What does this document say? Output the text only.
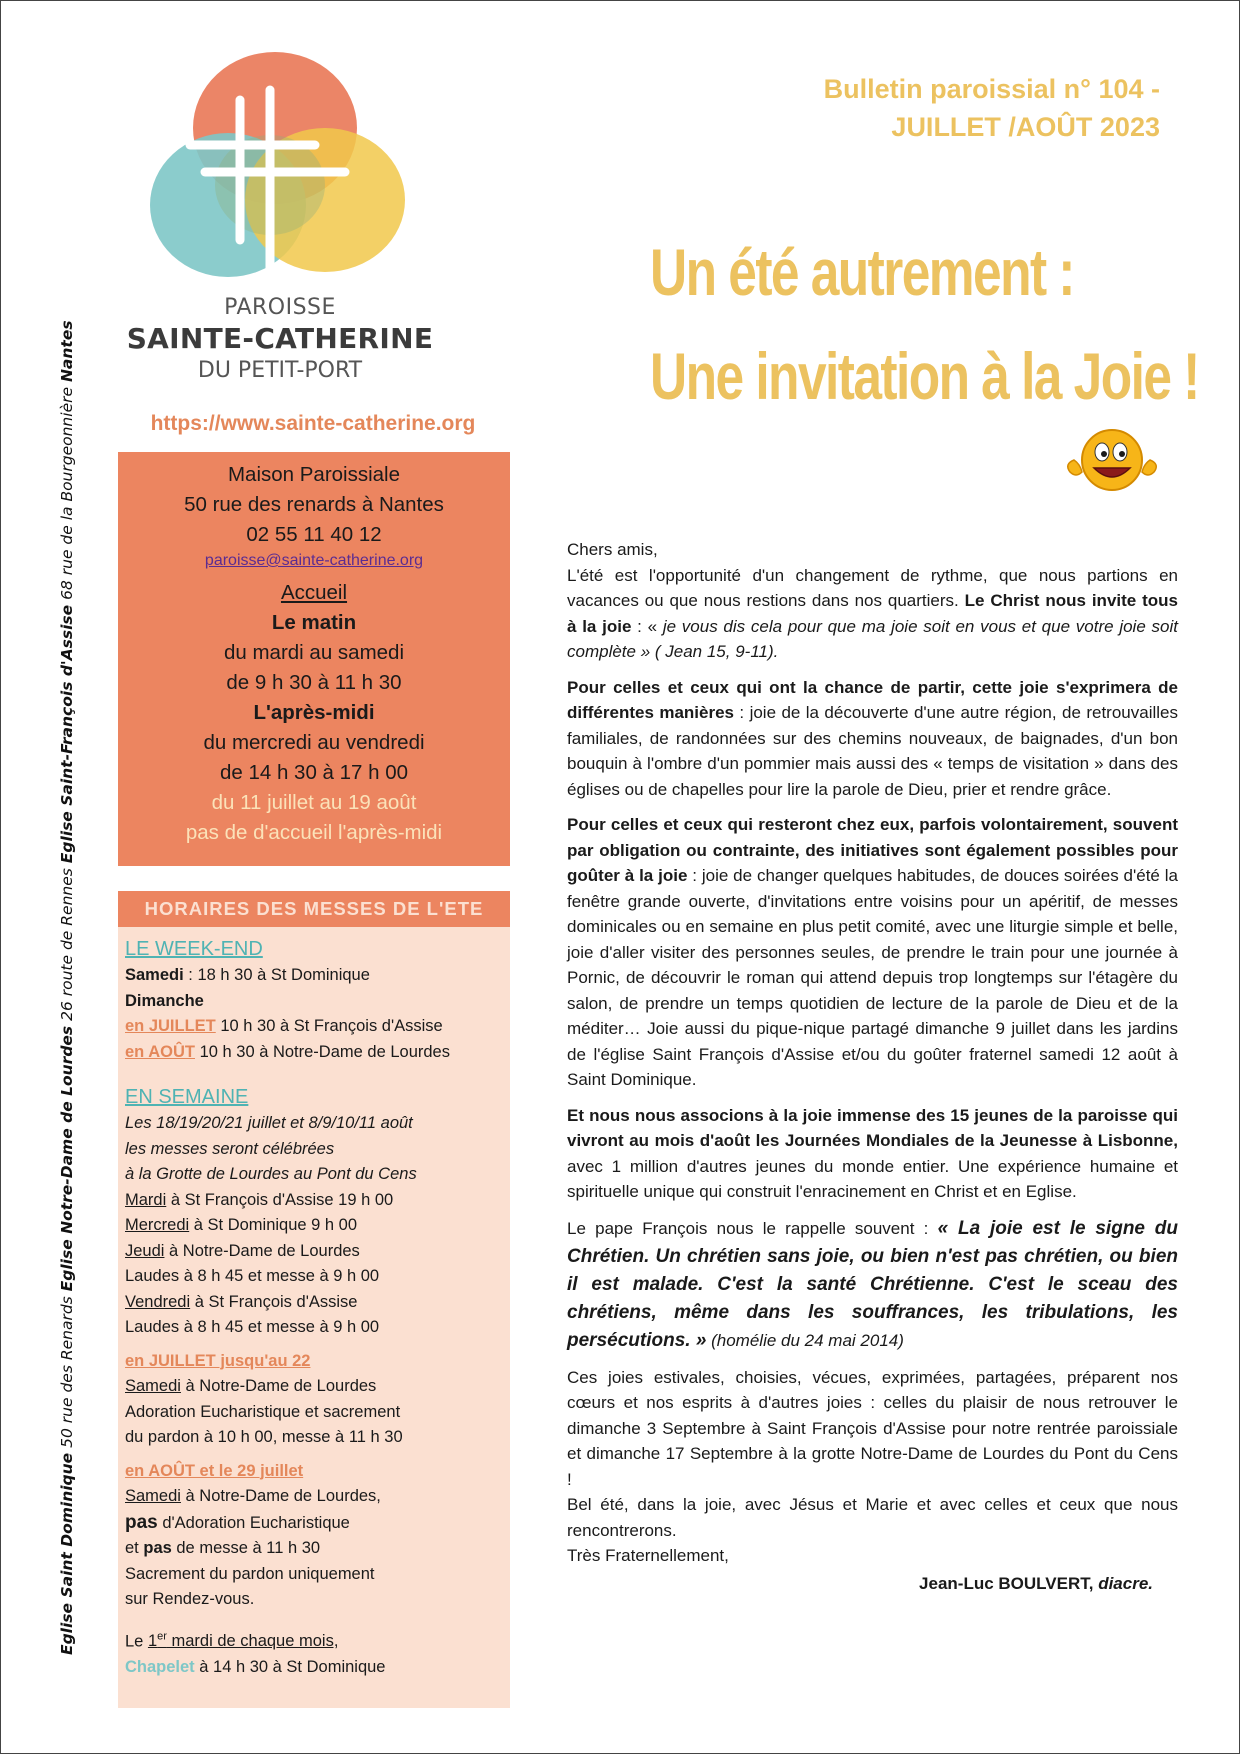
Eglise Saint Dominique 50 rue des Renards Eglise Notre-Dame de Lourdes 26 route de Rennes Eglise Saint-François d'Assise 68 rue de la Bourgeonnière Nantes
PAROISSE
SAINTE-CATHERINE
DU PETIT-PORT
https://www.sainte-catherine.org
Maison Paroissiale
50 rue des renards à Nantes
02 55 11 40 12
paroisse@sainte-catherine.org
Accueil
Le matin
du mardi au samedi
de 9 h 30 à 11 h 30
L'après-midi
du mercredi au vendredi
de 14 h 30 à 17 h 00
du 11 juillet au 19 août
pas de d'accueil l'après-midi
HORAIRES DES MESSES DE L'ETE
LE WEEK-END
Samedi : 18 h 30 à St Dominique
Dimanche
en JUILLET 10 h 30 à St François d'Assise
en AOÛT 10 h 30 à Notre-Dame de Lourdes
EN SEMAINE
Les 18/19/20/21 juillet et 8/9/10/11 août
les messes seront célébrées
à la Grotte de Lourdes au Pont du Cens
Mardi à St François d'Assise 19 h 00
Mercredi à St Dominique 9 h 00
Jeudi à Notre-Dame de Lourdes
Laudes à 8 h 45 et messe à 9 h 00
Vendredi à St François d'Assise
Laudes à 8 h 45 et messe à 9 h 00
en JUILLET jusqu'au 22
Samedi à Notre-Dame de Lourdes
Adoration Eucharistique et sacrement
du pardon à 10 h 00, messe à 11 h 30
en AOÛT et le 29 juillet
Samedi à Notre-Dame de Lourdes,
pas d'Adoration Eucharistique
et pas de messe à 11 h 30
Sacrement du pardon uniquement
sur Rendez-vous.
Le 1er mardi de chaque mois,
Chapelet à 14 h 30 à St Dominique
Bulletin paroissial n° 104 -
JUILLET /AOÛT 2023
Un été autrement :
Une invitation à la Joie !

Chers amis,

L'été est l'opportunité d'un changement de rythme, que nous partions en vacances ou que nous restions dans nos quartiers. Le Christ nous invite tous à la joie : « je vous dis cela pour que ma joie soit en vous et que votre joie soit complète » ( Jean 15, 9-11).

Pour celles et ceux qui ont la chance de partir, cette joie s'exprimera de différentes manières : joie de la découverte d'une autre région, de retrouvailles familiales, de randonnées sur des chemins nouveaux, de baignades, d'un bon bouquin à l'ombre d'un pommier mais aussi des « temps de visitation » dans des églises ou de chapelles pour lire la parole de Dieu, prier et rendre grâce.

Pour celles et ceux qui resteront chez eux, parfois volontairement, souvent par obligation ou contrainte, des initiatives sont également possibles pour goûter à la joie : joie de changer quelques habitudes, de douces soirées d'été la fenêtre grande ouverte, d'invitations entre voisins pour un apéritif, de messes dominicales ou en semaine en plus petit comité, avec une liturgie simple et belle, joie d'aller visiter des personnes seules, de prendre le train pour une journée à Pornic, de découvrir le roman qui attend depuis trop longtemps sur l'étagère du salon, de prendre un temps quotidien de lecture de la parole de Dieu et de la méditer… Joie aussi du pique-nique partagé dimanche 9 juillet dans les jardins de l'église Saint François d'Assise et/ou du goûter fraternel samedi 12 août à Saint Dominique.

Et nous nous associons à la joie immense des 15 jeunes de la paroisse qui vivront au mois d'août les Journées Mondiales de la Jeunesse à Lisbonne, avec 1 million d'autres jeunes du monde entier. Une expérience humaine et spirituelle unique qui construit l'enracinement en Christ et en Eglise.

Le pape François nous le rappelle souvent : « La joie est le signe du Chrétien. Un chrétien sans joie, ou bien n'est pas chrétien, ou bien il est malade. C'est la santé Chrétienne. C'est le sceau des chrétiens, même dans les souffrances, les tribulations, les persécutions. » (homélie du 24 mai 2014)

Ces joies estivales, choisies, vécues, exprimées, partagées, préparent nos cœurs et nos esprits à d'autres joies : celles du plaisir de nous retrouver le dimanche 3 Septembre à Saint François d'Assise pour notre rentrée paroissiale et dimanche 17 Septembre à la grotte Notre-Dame de Lourdes du Pont du Cens !

Bel été, dans la joie, avec Jésus et Marie et avec celles et ceux que nous rencontrerons.

Très Fraternellement,

Jean-Luc BOULVERT, diacre.
